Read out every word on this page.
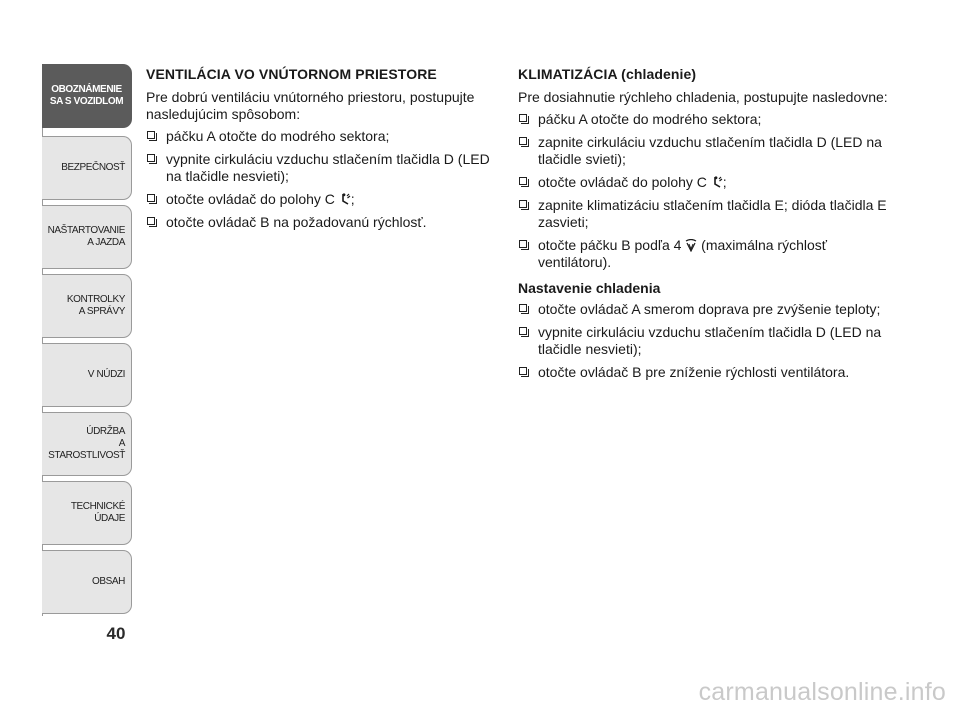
OBOZNÁMENIE
SA S VOZIDLOM
BEZPEČNOSŤ
NAŠTARTOVANIE
A JAZDA
KONTROLKY
A SPRÁVY
V NÚDZI
ÚDRŽBA
A STAROSTLIVOSŤ
TECHNICKÉ
ÚDAJE
OBSAH
40
VENTILÁCIA VO VNÚTORNOM PRIESTORE

Pre dobrú ventiláciu vnútorného priestoru, postupujte nasledujúcim spôsobom:

páčku A otočte do modrého sektora;
vypnite cirkuláciu vzduchu stlačením tlačidla D (LED na tlačidle nesvieti);
otočte ovládač do polohy C ;
otočte ovládač B na požadovanú rýchlosť.
KLIMATIZÁCIA (chladenie)

Pre dosiahnutie rýchleho chladenia, postupujte nasledovne:

páčku A otočte do modrého sektora;
zapnite cirkuláciu vzduchu stlačením tlačidla D (LED na tlačidle svieti);
otočte ovládač do polohy C ;
zapnite klimatizáciu stlačením tlačidla E; dióda tlačidla E zasvieti;
otočte páčku B podľa 4  (maximálna rýchlosť ventilátoru).
Nastavenie chladenia
otočte ovládač A smerom doprava pre zvýšenie teploty;
vypnite cirkuláciu vzduchu stlačením tlačidla D (LED na tlačidle nesvieti);
otočte ovládač B pre zníženie rýchlosti ventilátora.
carmanualsonline.info
